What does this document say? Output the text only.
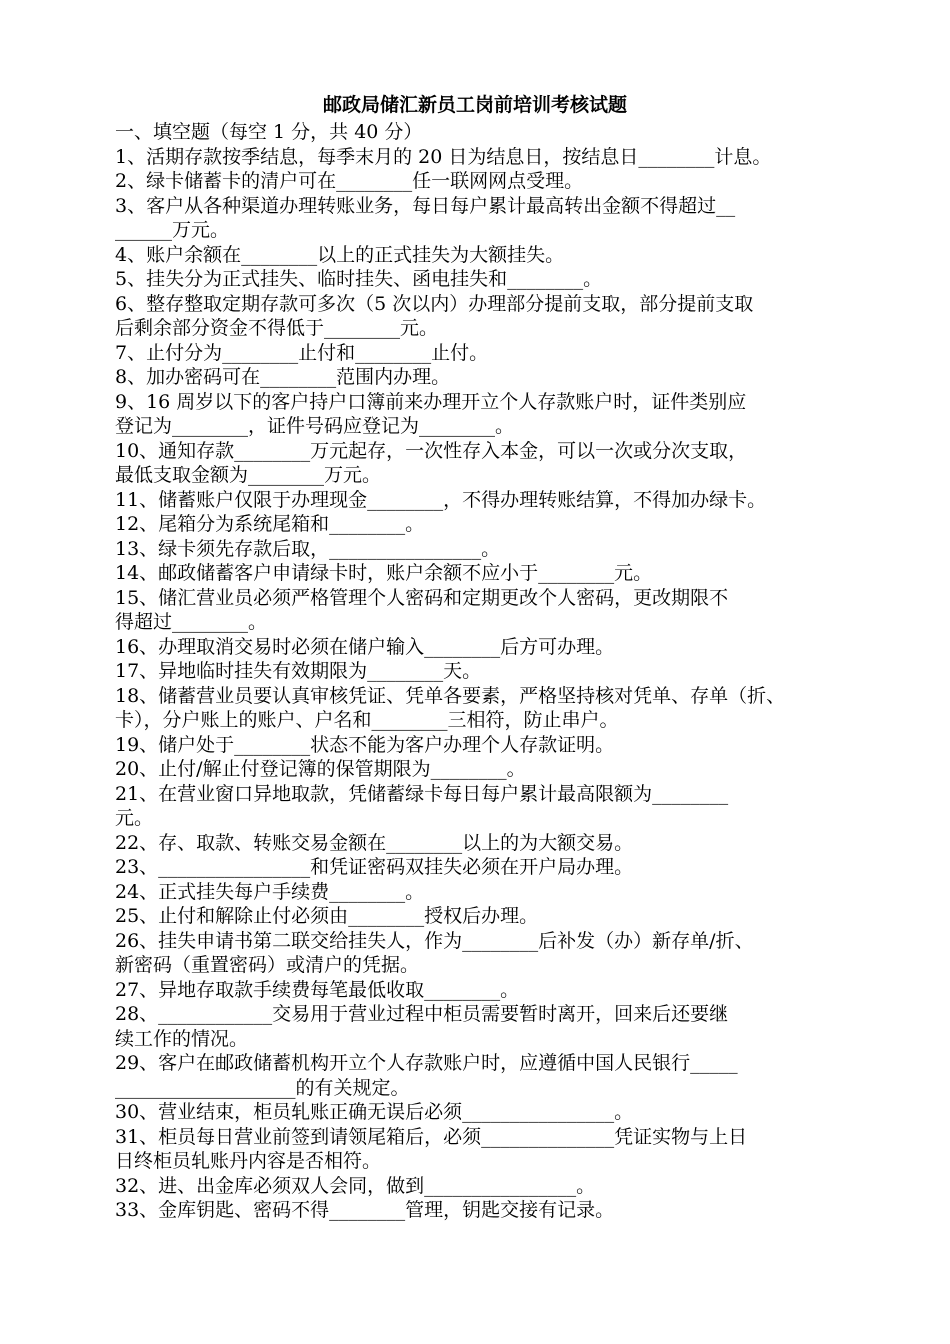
邮政局储汇新员工岗前培训考核试题

一、填空题（每空 1 分，共 40 分）

1、活期存款按季结息，每季末月的 20 日为结息日，按结息日________计息。

2、绿卡储蓄卡的清户可在________任一联网网点受理。

3、客户从各种渠道办理转账业务，每日每户累计最高转出金额不得超过__

______万元。

4、账户余额在________以上的正式挂失为大额挂失。

5、挂失分为正式挂失、临时挂失、函电挂失和________。

6、整存整取定期存款可多次（5 次以内）办理部分提前支取，部分提前支取

后剩余部分资金不得低于________元。

7、止付分为________止付和________止付。

8、加办密码可在________范围内办理。

9、16 周岁以下的客户持户口簿前来办理开立个人存款账户时，证件类别应

登记为________，证件号码应登记为________。

10、通知存款________万元起存，一次性存入本金，可以一次或分次支取，

最低支取金额为________万元。

11、储蓄账户仅限于办理现金________，不得办理转账结算，不得加办绿卡。

12、尾箱分为系统尾箱和________。

13、绿卡须先存款后取，________________。

14、邮政储蓄客户申请绿卡时，账户余额不应小于________元。

15、储汇营业员必须严格管理个人密码和定期更改个人密码，更改期限不

得超过________。

16、办理取消交易时必须在储户输入________后方可办理。

17、异地临时挂失有效期限为________天。

18、储蓄营业员要认真审核凭证、凭单各要素，严格坚持核对凭单、存单（折、

卡），分户账上的账户、户名和________三相符，防止串户。

19、储户处于________状态不能为客户办理个人存款证明。

20、止付/解止付登记簿的保管期限为________。

21、在营业窗口异地取款，凭储蓄绿卡每日每户累计最高限额为________

元。

22、存、取款、转账交易金额在________以上的为大额交易。

23、________________和凭证密码双挂失必须在开户局办理。

24、正式挂失每户手续费________。

25、止付和解除止付必须由________授权后办理。

26、挂失申请书第二联交给挂失人，作为________后补发（办）新存单/折、

新密码（重置密码）或清户的凭据。

27、异地存取款手续费每笔最低收取________。

28、____________交易用于营业过程中柜员需要暂时离开，回来后还要继

续工作的情况。

29、客户在邮政储蓄机构开立个人存款账户时，应遵循中国人民银行_____

___________________的有关规定。

30、营业结束，柜员轧账正确无误后必须________________。

31、柜员每日营业前签到请领尾箱后，必须______________凭证实物与上日

日终柜员轧账丹内容是否相符。

32、进、出金库必须双人会同，做到________________。

33、金库钥匙、密码不得________管理，钥匙交接有记录。
